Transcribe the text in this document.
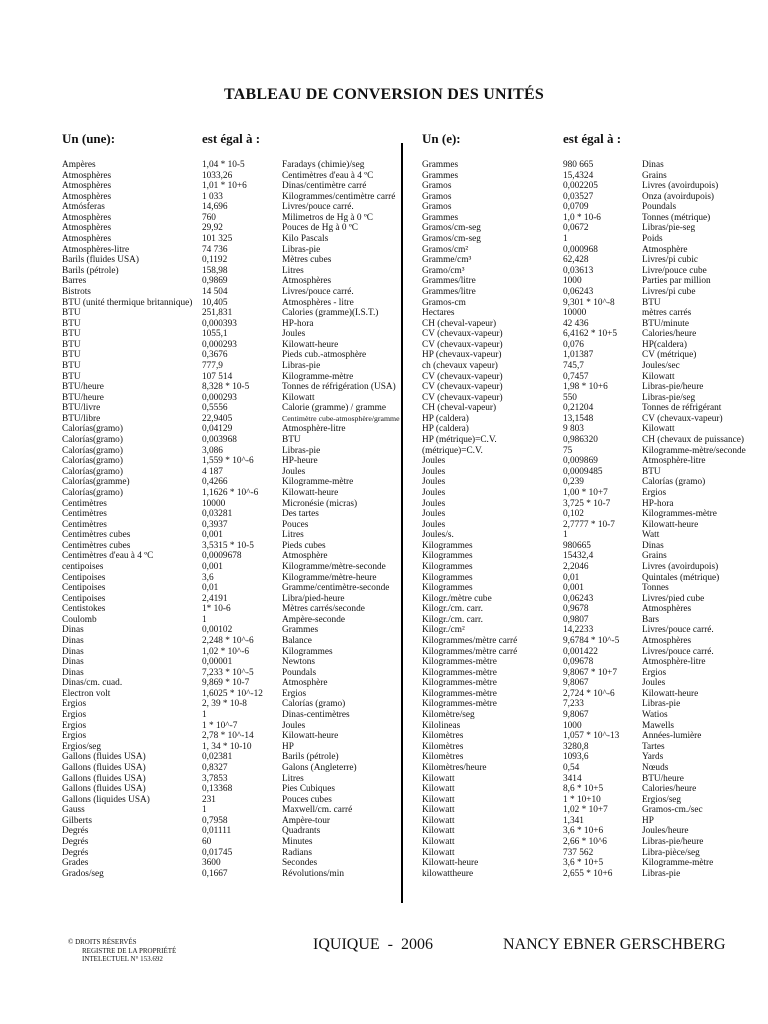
TABLEAU DE CONVERSION DES UNITÉS
Un (une):	est égal à :	Un (e):	est égal à :
Ampères	1,04 * 10-5	Faradays (chimie)/seg
Atmosphères	1033,26	Centimètres d'eau à 4 ºC
Atmosphères	1,01 * 10+6	Dinas/centimètre carré
Atmosphères	1 033	Kilogrammes/centimètre carré
Atmósferas	14,696	Livres/pouce carré.
Atmosphères	760	Milimetros de Hg à 0 ºC
Atmosphères	29,92	Pouces de Hg à 0 ºC
Atmosphères	101 325	Kilo Pascals
Atmosphères-litre	74 736	Libras-pie
Barils (fluides USA)	0,1192	Mètres cubes
Barils (pétrole)	158,98	Litres
Barres	0,9869	Atmosphères
Bistrots	14 504	Livres/pouce carré.
BTU (unité thermique britannique)	10,405	Atmosphères - litre
BTU	251,831	Calories (gramme)(I.S.T.)
BTU	0,000393	HP-hora
BTU	1055,1	Joules
BTU	0,000293	Kilowatt-heure
BTU	0,3676	Pieds cub.-atmosphère
BTU	777,9	Libras-pie
BTU	107 514	Kilogramme-mètre
BTU/heure	8,328 * 10-5	Tonnes de réfrigération (USA)
BTU/heure	0,000293	Kilowatt
BTU/livre	0,5556	Calorie (gramme) / gramme
BTU/libre	22,9405	Centimètre cube-atmosphère/gramme
Calorías(gramo)	0,04129	Atmosphère-litre
Calorías(gramo)	0,003968	BTU
Calorías(gramo)	3,086	Libras-pie
Calorías(gramo)	1,559 * 10^-6	HP-heure
Calorías(gramo)	4 187	Joules
Calorías(gramme)	0,4266	Kilogramme-mètre
Calorías(gramo)	1,1626 * 10^-6	Kilowatt-heure
Centimètres	10000	Micronésie (micras)
Centimètres	0,03281	Des tartes
Centimètres	0,3937	Pouces
Centimètres cubes	0,001	Litres
Centimètres cubes	3,5315 * 10-5	Pieds cubes
Centimètres d'eau à 4 ºC	0,0009678	Atmosphère
centipoises	0,001	Kilogramme/mètre-seconde
Centipoises	3,6	Kilogramme/mètre-heure
Centipoises	0,01	Gramme/centimètre-seconde
Centipoises	2,4191	Libra/pied-heure
Centistokes	1* 10-6	Mètres carrés/seconde
Coulomb	1	Ampère-seconde
Dinas	0,00102	Grammes
Dinas	2,248 * 10^-6	Balance
Dinas	1,02 * 10^-6	Kilogrammes
Dinas	0,00001	Newtons
Dinas	7,233 * 10^-5	Poundals
Dinas/cm. cuad.	9,869 * 10-7	Atmosphère
Electron volt	1,6025 * 10^-12	Ergios
Ergios	2, 39 * 10-8	Calorías (gramo)
Ergios	1	Dinas-centimètres
Ergios	1 * 10^-7	Joules
Ergios	2,78 * 10^-14	Kilowatt-heure
Ergios/seg	1, 34 * 10-10	HP
Gallons (fluides USA)	0,02381	Barils (pétrole)
Gallons (fluides USA)	0,8327	Galons (Angleterre)
Gallons (fluides USA)	3,7853	Litres
Gallons (fluides USA)	0,13368	Pies Cubiques
Gallons (liquides USA)	231	Pouces cubes
Gauss	1	Maxwell/cm. carré
Gilberts	0,7958	Ampère-tour
Degrés	0,01111	Quadrants
Degrés	60	Minutes
Degrés	0,01745	Radians
Grades	3600	Secondes
Grados/seg	0,1667	Révolutions/min
Grammes	980 665	Dinas
Grammes	15,4324	Grains
Gramos	0,002205	Livres (avoirdupois)
Gramos	0,03527	Onza (avoirdupois)
Gramos	0,0709	Poundals
Grammes	1,0 * 10-6	Tonnes (métrique)
Gramos/cm-seg	0,0672	Libras/pie-seg
Gramos/cm-seg	1	Poids
Gramos/cm²	0,000968	Atmosphère
Gramme/cm³	62,428	Livres/pi cubic
Gramo/cm³	0,03613	Livre/pouce cube
Grammes/litre	1000	Parties par million
Grammes/litre	0,06243	Livres/pi cube
Gramos-cm	9,301 * 10^-8	BTU
Hectares	10000	mètres carrés
CH (cheval-vapeur)	42 436	BTU/minute
CV (chevaux-vapeur)	6,4162 * 10+5	Calories/heure
CV (chevaux-vapeur)	0,076	HP(caldera)
HP (chevaux-vapeur)	1,01387	CV (métrique)
ch (chevaux vapeur)	745,7	Joules/sec
CV (chevaux-vapeur)	0,7457	Kilowatt
CV (chevaux-vapeur)	1,98 * 10+6	Libras-pie/heure
CV (chevaux-vapeur)	550	Libras-pie/seg
CH (cheval-vapeur)	0,21204	Tonnes de réfrigérant
HP (caldera)	13,1548	CV (chevaux-vapeur)
HP (caldera)	9 803	Kilowatt
HP (métrique)=C.V.	0,986320	CH (chevaux de puissance)
(métrique)=C.V.	75	Kilogramme-mètre/seconde
Joules	0,009869	Atmosphère-litre
Joules	0,0009485	BTU
Joules	0,239	Calorías (gramo)
Joules	1,00 * 10+7	Ergios
Joules	3,725 * 10-7	HP-hora
Joules	0,102	Kilogrammes-mètre
Joules	2,7777 * 10-7	Kilowatt-heure
Joules/s.	1	Watt
Kilogrammes	980665	Dinas
Kilogrammes	15432,4	Grains
Kilogrammes	2,2046	Livres (avoirdupois)
Kilogrammes	0,01	Quintales (métrique)
Kilogrammes	0,001	Tonnes
Kilogr./mètre cube	0,06243	Livres/pied cube
Kilogr./cm. carr.	0,9678	Atmosphères
Kilogr./cm. carr.	0,9807	Bars
Kilogr./cm²	14,2233	Livres/pouce carré.
Kilogrammes/mètre carré	9,6784 * 10^-5	Atmosphères
Kilogrammes/mètre carré	0,001422	Livres/pouce carré.
Kilogrammes-mètre	0,09678	Atmosphère-litre
Kilogrammes-mètre	9,8067 * 10+7	Ergios
Kilogrammes-mètre	9,8067	Joules
Kilogrammes-mètre	2,724 * 10^-6	Kilowatt-heure
Kilogrammes-mètre	7,233	Libras-pie
Kilomètre/seg	9,8067	Watios
Kilolineas	1000	Mawells
Kilomètres	1,057 * 10^-13	Années-lumière
Kilomètres	3280,8	Tartes
Kilomètres	1093,6	Yards
Kilomètres/heure	0,54	Nœuds
Kilowatt	3414	BTU/heure
Kilowatt	8,6 * 10+5	Calories/heure
Kilowatt	1 * 10+10	Ergios/seg
Kilowatt	1,02 * 10+7	Gramos-cm./sec
Kilowatt	1,341	HP
Kilowatt	3,6 * 10+6	Joules/heure
Kilowatt	2,66 * 10^6	Libras-pie/heure
Kilowatt	737 562	Libra-pièce/seg
Kilowatt-heure	3,6 * 10+5	Kilogramme-mètre
kilowattheure	2,655 * 10+6	Libras-pie
© DROITS RÉSERVÉS
REGISTRE DE LA PROPRIÉTÉ
INTELECTUEL N° 153.692
IQUIQUE  -  2006	NANCY EBNER GERSCHBERG
